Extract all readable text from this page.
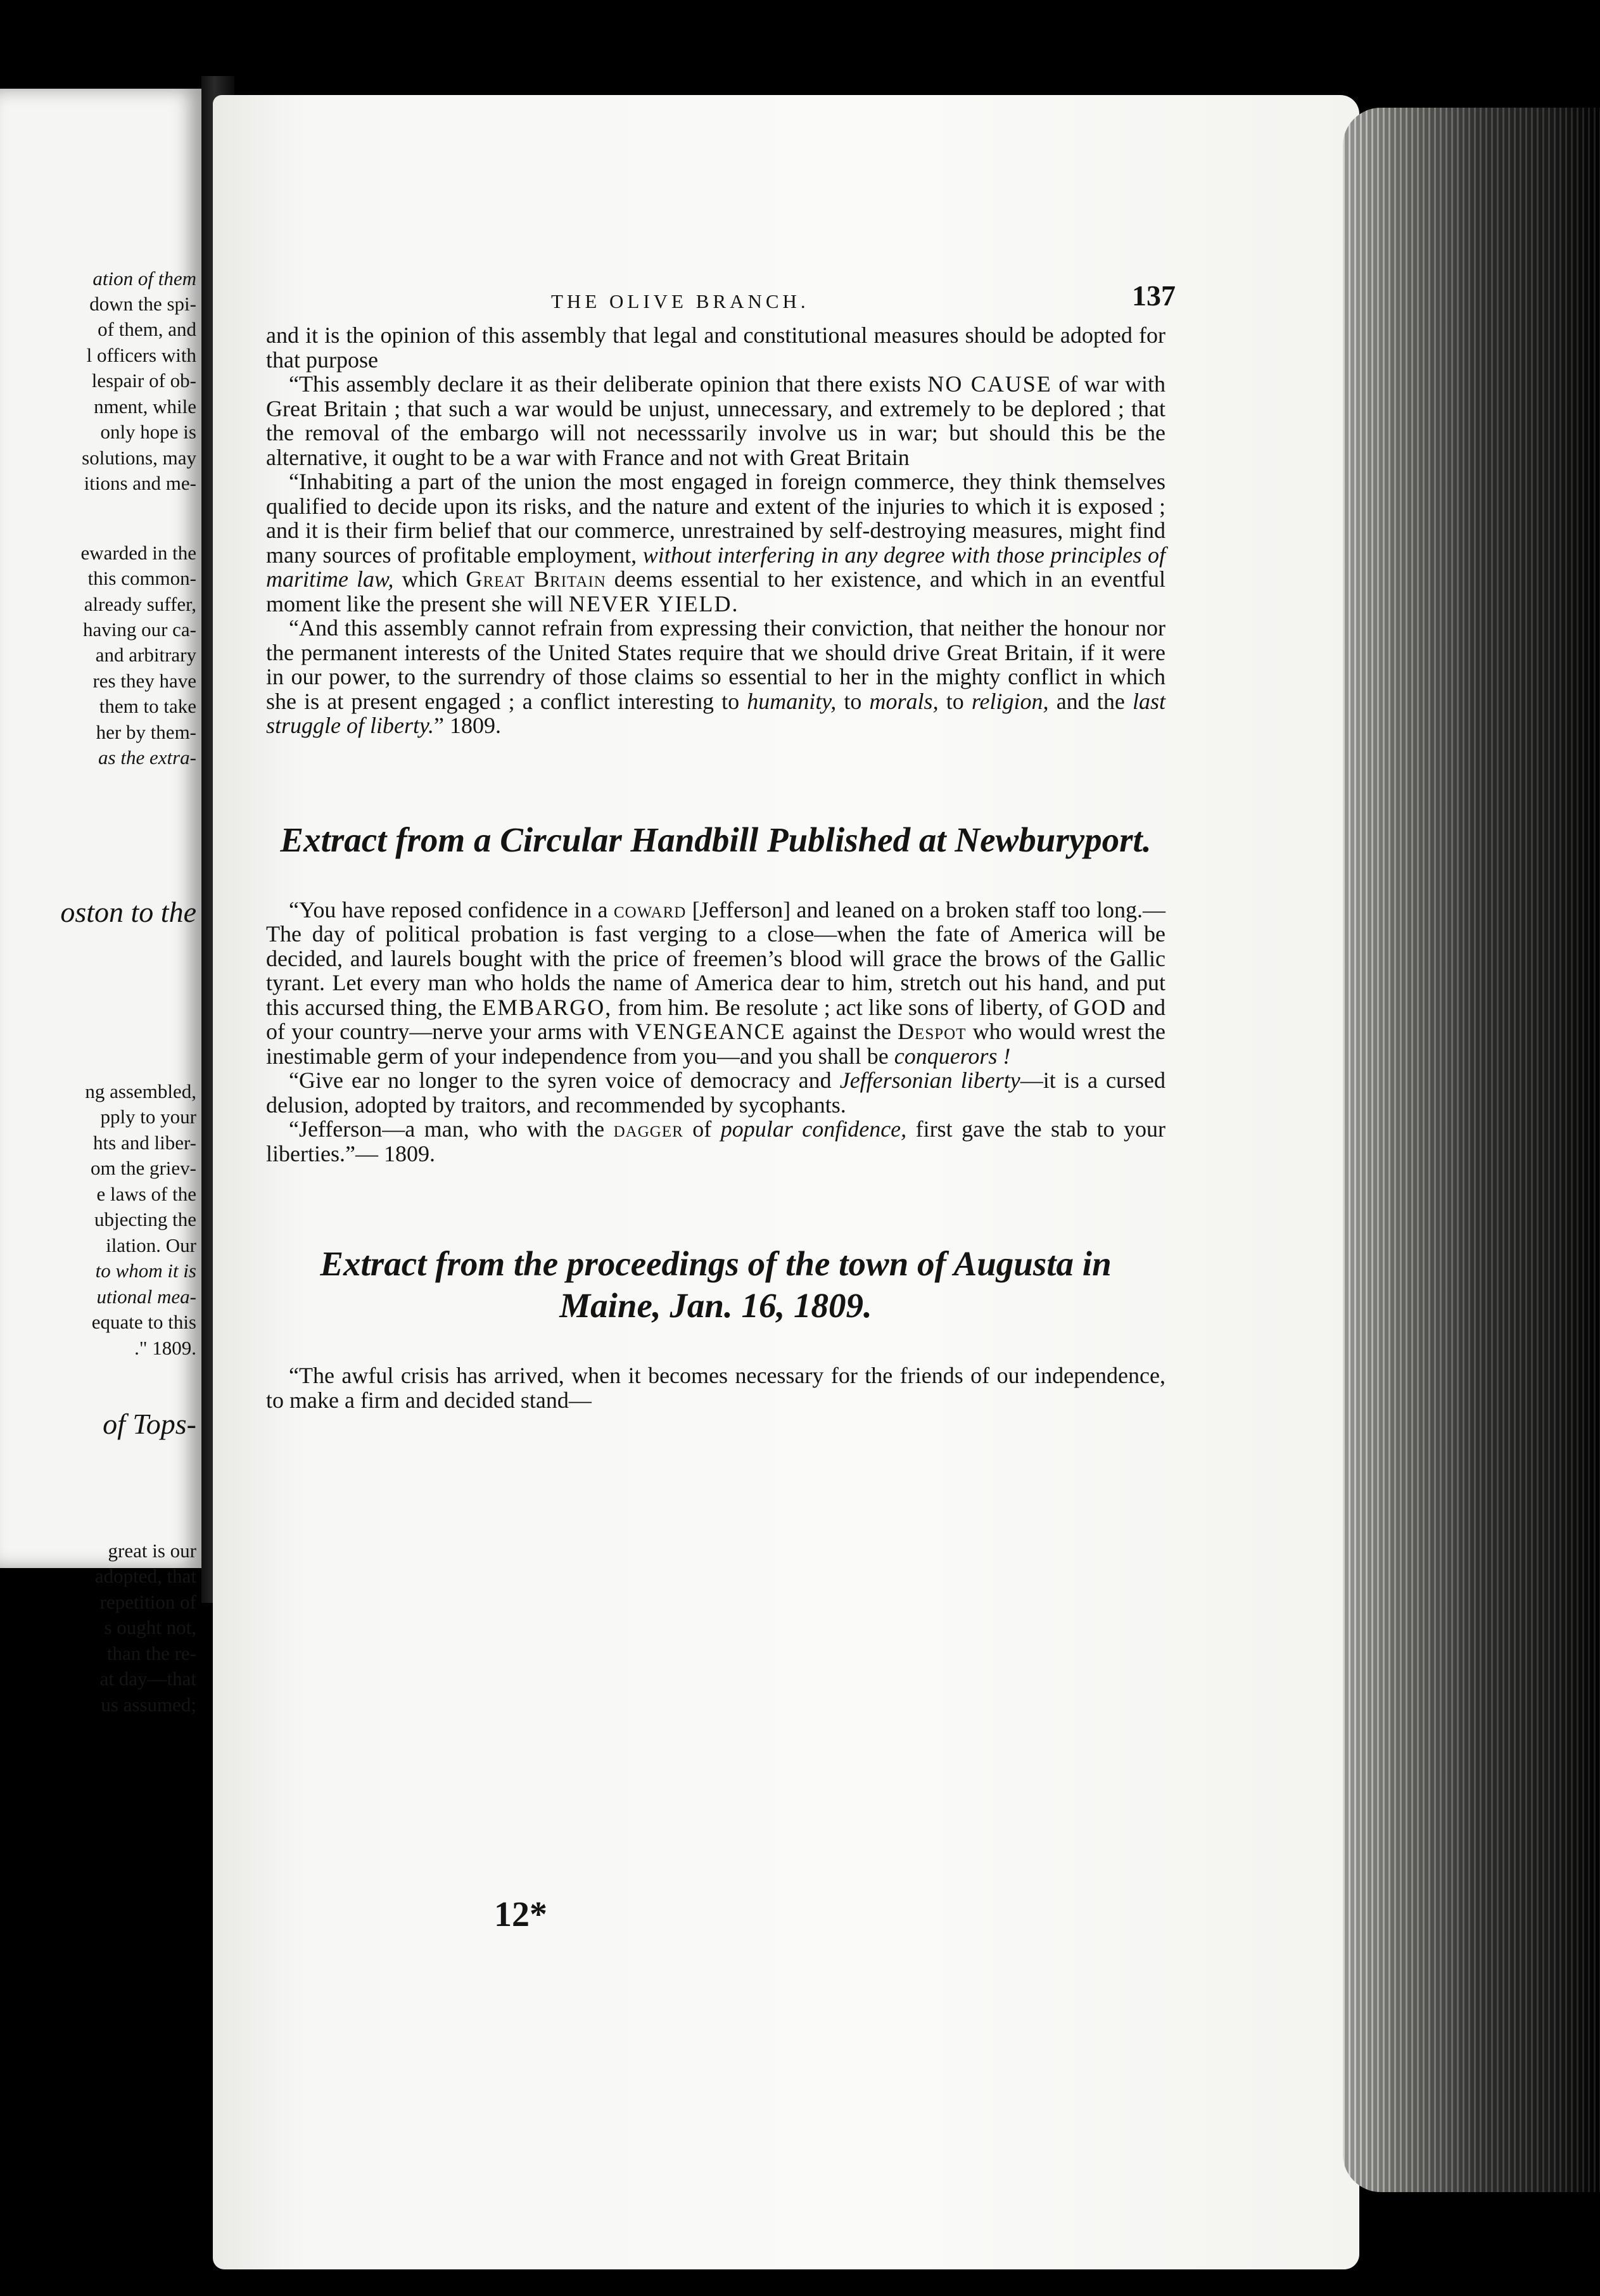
ation of them
down the spi-
of them, and
l officers with
lespair of ob-
nment, while
only hope is
solutions, may
itions and me-
ewarded in the
this common-
already suffer,
having our ca-
and arbitrary
res they have
them to take
her by them-
as the extra-
oston to the
ng assembled,
pply to your
hts and liber-
om the griev-
e laws of the
ubjecting the
ilation. Our
to whom it is
utional mea-
equate to this
." 1809.
of Tops-
great is our
adopted, that
repetition of
s ought not,
than the re-
at day—that
us assumed;
THE OLIVE BRANCH.	137

and it is the opinion of this assembly that legal and constitutional measures should be adopted for that purpose

“This assembly declare it as their deliberate opinion that there exists NO CAUSE of war with Great Britain ; that such a war would be unjust, unnecessary, and extremely to be deplored ; that the removal of the embargo will not necesssarily involve us in war; but should this be the alternative, it ought to be a war with France and not with Great Britain

“Inhabiting a part of the union the most engaged in foreign commerce, they think themselves qualified to decide upon its risks, and the nature and extent of the injuries to which it is exposed ; and it is their firm belief that our commerce, unrestrained by self-destroying measures, might find many sources of profitable employment, without interfering in any degree with those principles of maritime law, which Great Britain deems essential to her existence, and which in an eventful moment like the present she will NEVER YIELD.

“And this assembly cannot refrain from expressing their conviction, that neither the honour nor the permanent interests of the United States require that we should drive Great Britain, if it were in our power, to the surrendry of those claims so essential to her in the mighty conflict in which she is at present engaged ; a conflict interesting to humanity, to morals, to religion, and the last struggle of liberty.” 1809.

Extract from a Circular Handbill Published at Newburyport.

“You have reposed confidence in a coward [Jefferson] and leaned on a broken staff too long.—The day of political probation is fast verging to a close—when the fate of America will be decided, and laurels bought with the price of freemen’s blood will grace the brows of the Gallic tyrant. Let every man who holds the name of America dear to him, stretch out his hand, and put this accursed thing, the EMBARGO, from him. Be resolute ; act like sons of liberty, of GOD and of your country—nerve your arms with VENGEANCE against the Despot who would wrest the inestimable germ of your independence from you—and you shall be conquerors !

“Give ear no longer to the syren voice of democracy and Jeffersonian liberty—it is a cursed delusion, adopted by traitors, and recommended by sycophants.

“Jefferson—a man, who with the dagger of popular confidence, first gave the stab to your liberties.”— 1809.

Extract from the proceedings of the town of Augusta in Maine, Jan. 16, 1809.

“The awful crisis has arrived, when it becomes necessary for the friends of our independence, to make a firm and decided stand—

12*
